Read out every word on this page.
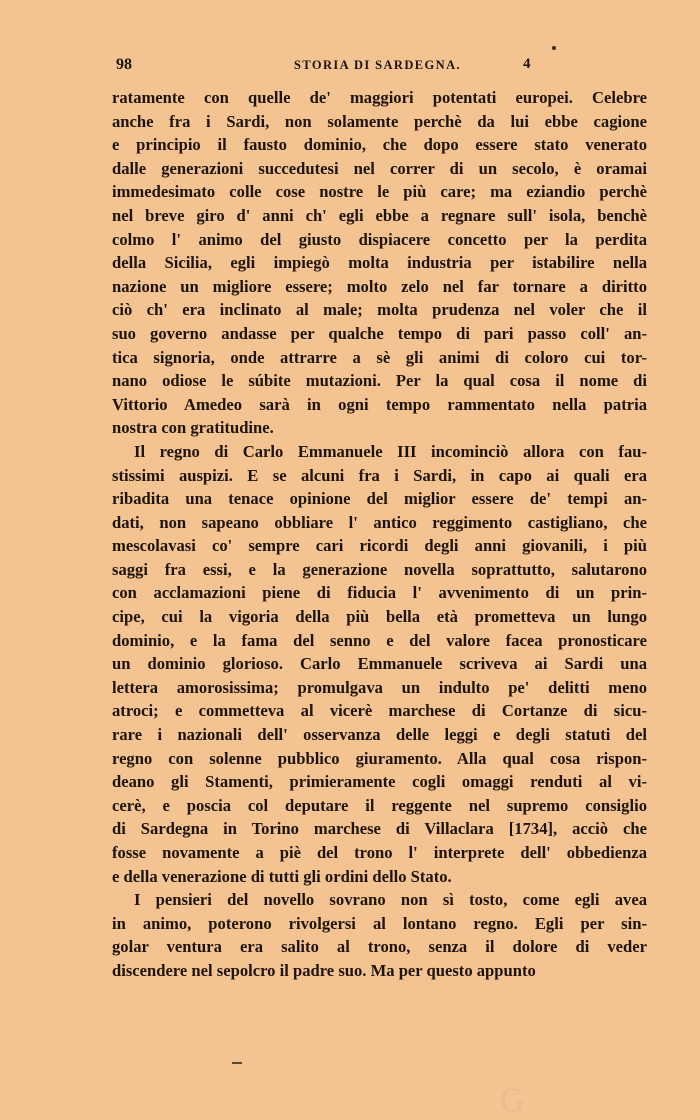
98	STORIA DI SARDEGNA.	4
ratamente con quelle de' maggiori potentati europei. Celebre
anche fra i Sardi, non solamente perchè da lui ebbe cagione
e principio il fausto dominio, che dopo essere stato venerato
dalle generazioni succedutesi nel correr di un secolo, è oramai
immedesimato colle cose nostre le più care; ma eziandio perchè
nel breve giro d' anni ch' egli ebbe a regnare sull' isola, benchè
colmo l' animo del giusto dispiacere concetto per la perdita
della Sicilia, egli impiegò molta industria per istabilire nella
nazione un migliore essere; molto zelo nel far tornare a diritto
ciò ch' era inclinato al male; molta prudenza nel voler che il
suo governo andasse per qualche tempo di pari passo coll' an-
tica signoria, onde attrarre a sè gli animi di coloro cui tor-
nano odiose le súbite mutazioni. Per la qual cosa il nome di
Vittorio Amedeo sarà in ogni tempo rammentato nella patria
nostra con gratitudine.
Il regno di Carlo Emmanuele III incominciò allora con fau-
stissimi auspizi. E se alcuni fra i Sardi, in capo ai quali era
ribadita una tenace opinione del miglior essere de' tempi an-
dati, non sapeano obbliare l' antico reggimento castigliano, che
mescolavasi co' sempre cari ricordi degli anni giovanili, i più
saggi fra essi, e la generazione novella soprattutto, salutarono
con acclamazioni piene di fiducia l' avvenimento di un prin-
cipe, cui la vigoria della più bella età prometteva un lungo
dominio, e la fama del senno e del valore facea pronosticare
un dominio glorioso. Carlo Emmanuele scriveva ai Sardi una
lettera amorosissima; promulgava un indulto pe' delitti meno
atroci; e commetteva al vicerè marchese di Cortanze di sicu-
rare i nazionali dell' osservanza delle leggi e degli statuti del
regno con solenne pubblico giuramento. Alla qual cosa rispon-
deano gli Stamenti, primieramente cogli omaggi renduti al vi-
cerè, e poscia col deputare il reggente nel supremo consiglio
di Sardegna in Torino marchese di Villaclara [1734], acciò che
fosse novamente a piè del trono l' interprete dell' obbedienza
e della venerazione di tutti gli ordini dello Stato.
I pensieri del novello sovrano non sì tosto, come egli avea
in animo, poterono rivolgersi al lontano regno. Egli per sin-
golar ventura era salito al trono, senza il dolore di veder
discendere nel sepolcro il padre suo. Ma per questo appunto
G
